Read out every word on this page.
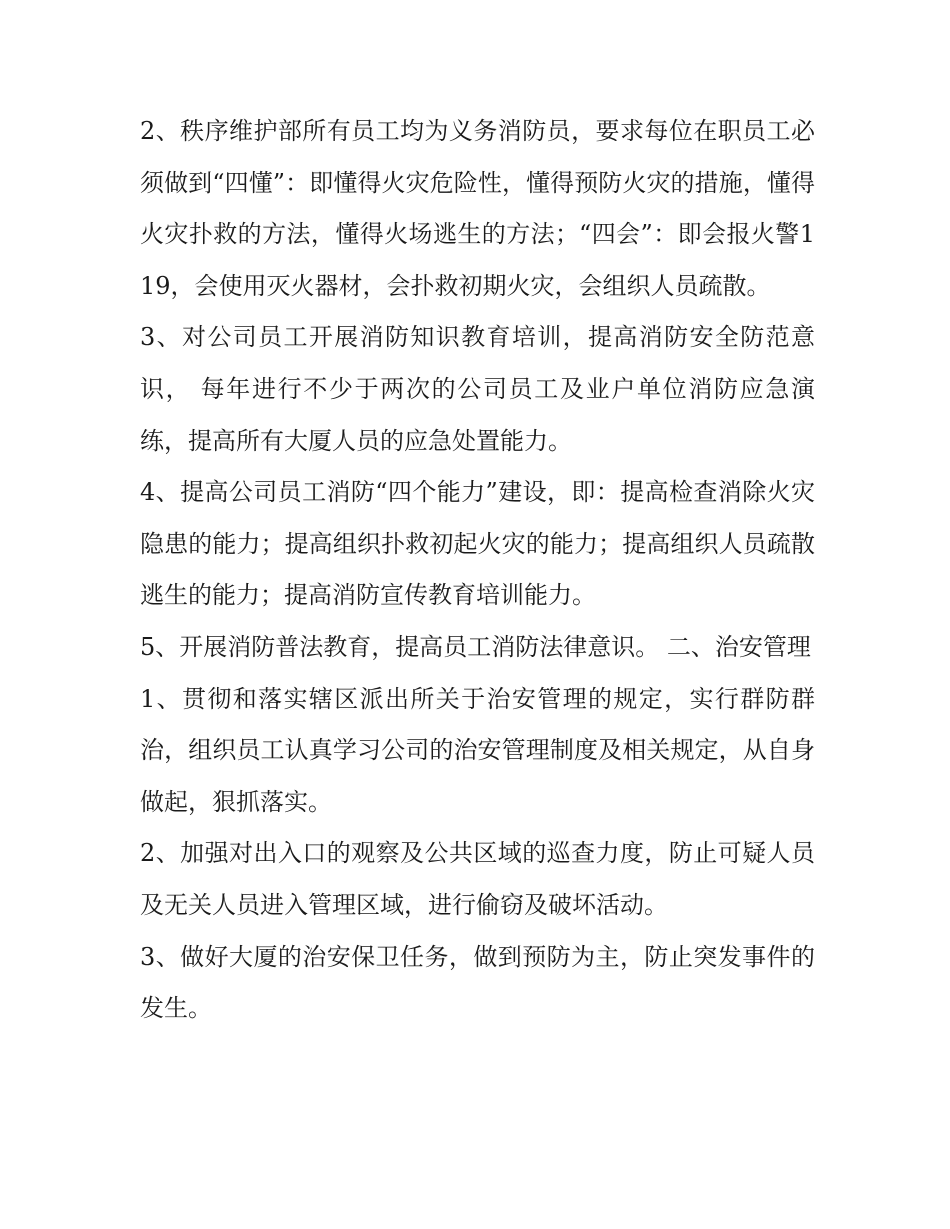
2、秩序维护部所有员工均为义务消防员，要求每位在职员工必须做到“四懂”：即懂得火灾危险性，懂得预防火灾的措施，懂得火灾扑救的方法，懂得火场逃生的方法；“四会”：即会报火警119，会使用灭火器材，会扑救初期火灾，会组织人员疏散。

3、对公司员工开展消防知识教育培训，提高消防安全防范意识， 每年进行不少于两次的公司员工及业户单位消防应急演练，提高所有大厦人员的应急处置能力。

4、提高公司员工消防“四个能力”建设，即：提高检查消除火灾隐患的能力；提高组织扑救初起火灾的能力；提高组织人员疏散逃生的能力；提高消防宣传教育培训能力。

5、开展消防普法教育，提高员工消防法律意识。 二、治安管理

1、贯彻和落实辖区派出所关于治安管理的规定，实行群防群治，组织员工认真学习公司的治安管理制度及相关规定，从自身做起，狠抓落实。

2、加强对出入口的观察及公共区域的巡查力度，防止可疑人员及无关人员进入管理区域，进行偷窃及破坏活动。

3、做好大厦的治安保卫任务，做到预防为主，防止突发事件的发生。
